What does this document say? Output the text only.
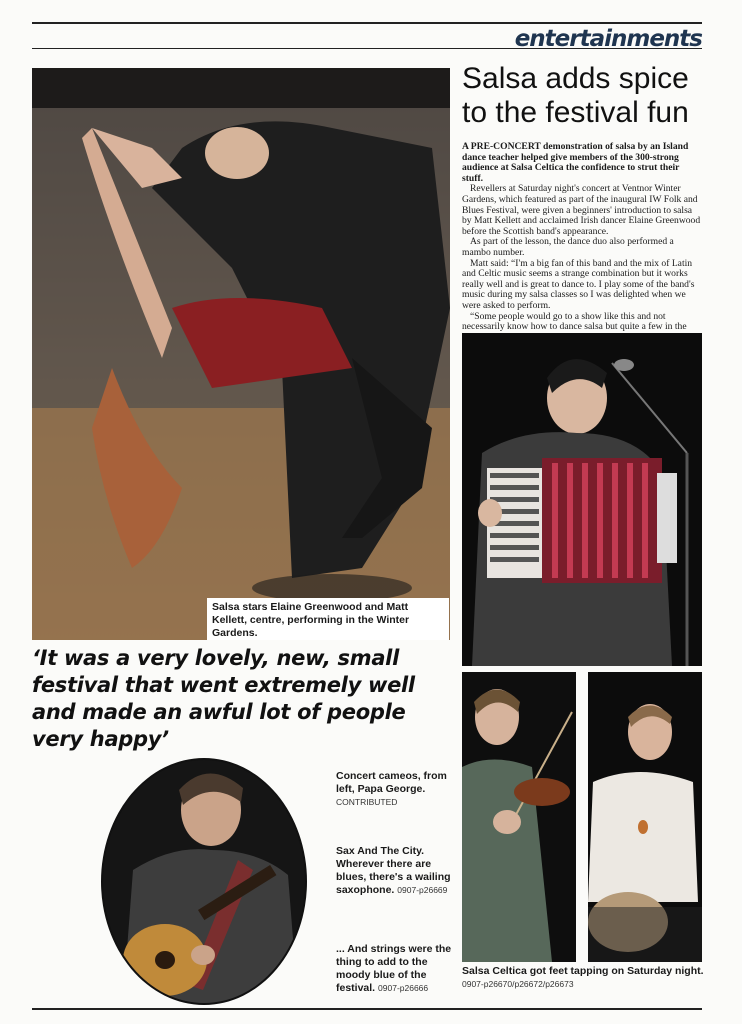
entertainments
Salsa stars Elaine Greenwood and Matt Kellett, centre, performing in the Winter Gardens.
Salsa adds spice
to the festival fun

A PRE-CONCERT demonstration of salsa by an Island dance teacher helped give members of the 300-strong audience at Salsa Celtica the confidence to strut their stuff.

Revellers at Saturday night's concert at Ventnor Winter Gardens, which featured as part of the inaugural IW Folk and Blues Festival, were given a beginners' introduction to salsa by Matt Kellett and acclaimed Irish dancer Elaine Greenwood before the Scottish band's appearance.

As part of the lesson, the dance duo also performed a mambo number.

Matt said: “I'm a big fan of this band and the mix of Latin and Celtic music seems a strange combination but it works really well and is great to dance to. I play some of the band's music during my salsa classes so I was delighted when we were asked to perform.

“Some people would go to a show like this and not necessarily know how to dance salsa but quite a few in the

‘It was a very lovely, new, small festival that went extremely well and made an awful lot of people very happy’
Concert cameos, from left, Papa George.
CONTRIBUTED
Sax And The City. Wherever there are blues, there's a wailing saxophone. 0907-p26669
... And strings were the thing to add to the moody blue of the festival. 0907-p26666
Salsa Celtica got feet tapping on Saturday night.
0907-p26670/p26672/p26673
